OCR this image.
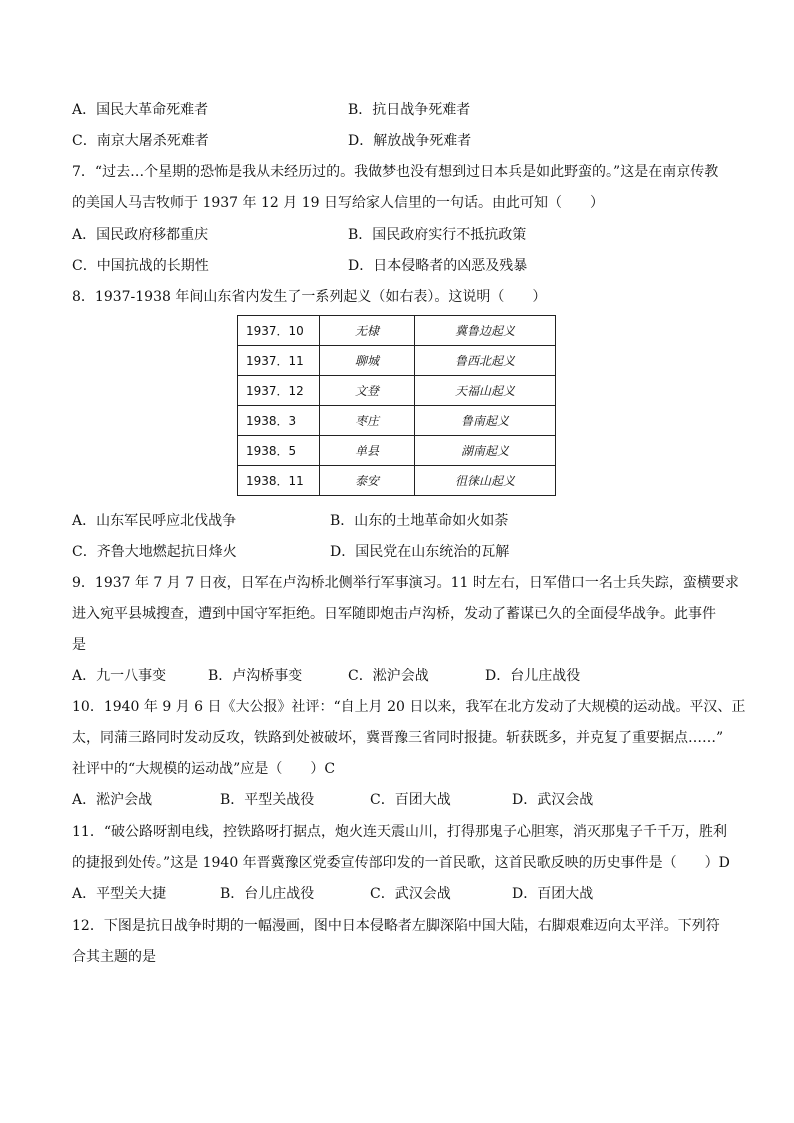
A．国民大革命死难者	B．抗日战争死难者
C．南京大屠杀死难者	D．解放战争死难者
7．“过去…个星期的恐怖是我从未经历过的。我做梦也没有想到过日本兵是如此野蛮的。”这是在南京传教
的美国人马吉牧师于 1937 年 12 月 19 日写给家人信里的一句话。由此可知（　　）
A．国民政府移都重庆	B．国民政府实行不抵抗政策
C．中国抗战的长期性	D．日本侵略者的凶恶及残暴
8．1937-1938 年间山东省内发生了一系列起义（如右表）。这说明（　　）
1937．10	无棣	冀鲁边起义
1937．11	聊城	鲁西北起义
1937．12	文登	天福山起义
1938．3	枣庄	鲁南起义
1938．5	单县	湖南起义
1938．11	泰安	徂徕山起义
A．山东军民呼应北伐战争	B．山东的土地革命如火如荼
C．齐鲁大地燃起抗日烽火	D．国民党在山东统治的瓦解
9．1937 年 7 月 7 日夜，日军在卢沟桥北侧举行军事演习。11 时左右，日军借口一名士兵失踪，蛮横要求
进入宛平县城搜查，遭到中国守军拒绝。日军随即炮击卢沟桥，发动了蓄谋已久的全面侵华战争。此事件
是
A．九一八事变	B．卢沟桥事变	C．淞沪会战	D．台儿庄战役
10．1940 年 9 月 6 日《大公报》社评：“自上月 20 日以来，我军在北方发动了大规模的运动战。平汉、正
太，同蒲三路同时发动反攻，铁路到处被破坏，冀晋豫三省同时报捷。斩获既多，并克复了重要据点……”
社评中的“大规模的运动战”应是（　　）C
A．淞沪会战	B．平型关战役	C．百团大战	D．武汉会战
11．“破公路呀割电线，控铁路呀打据点，炮火连天震山川，打得那鬼子心胆寒，消灭那鬼子千千万，胜利
的捷报到处传。”这是 1940 年晋冀豫区党委宣传部印发的一首民歌，这首民歌反映的历史事件是（　　）D
A．平型关大捷	B．台儿庄战役	C．武汉会战	D．百团大战
12．下图是抗日战争时期的一幅漫画，图中日本侵略者左脚深陷中国大陆，右脚艰难迈向太平洋。下列符
合其主题的是
